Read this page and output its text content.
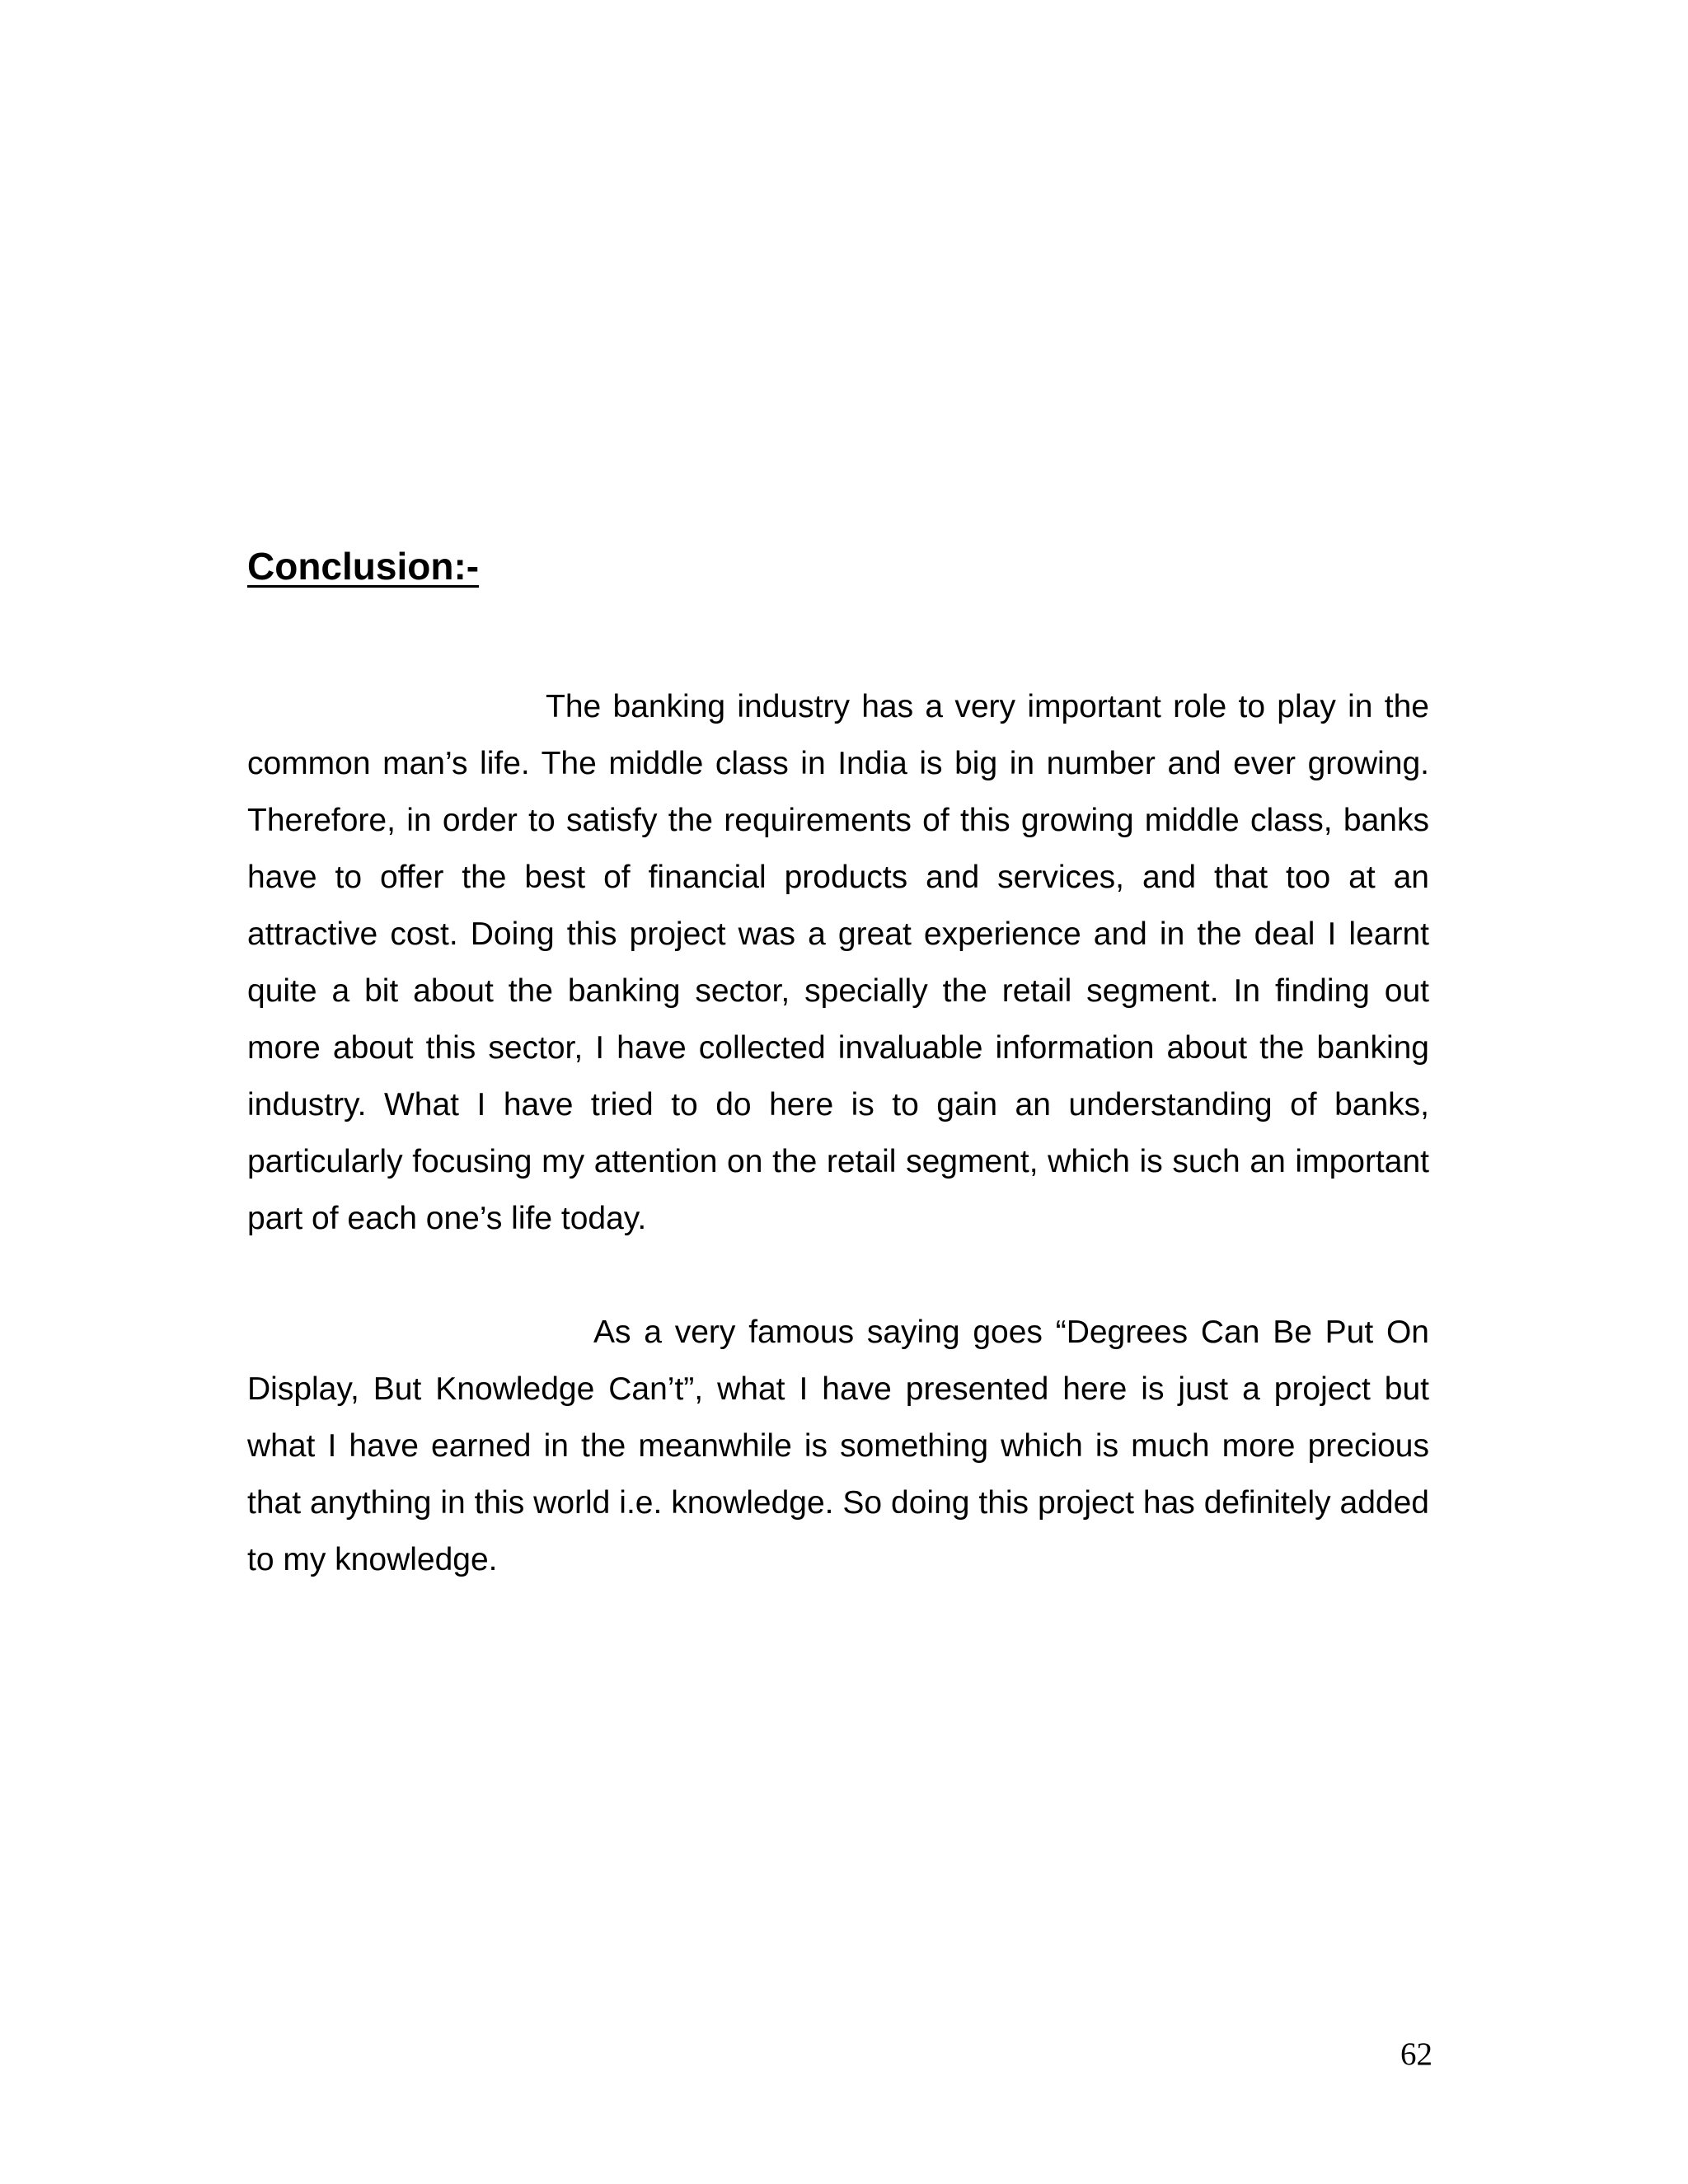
Conclusion:-

The banking industry has a very important role to play in the common man’s life. The middle class in India is big in number and ever growing. Therefore, in order to satisfy the requirements of this growing middle class, banks have to offer the best of financial products and services, and that too at an attractive cost. Doing this project was a great experience and in the deal I learnt quite a bit about the banking sector, specially the retail segment. In finding out more about this sector, I have collected invaluable information about the banking industry. What I have tried to do here is to gain an understanding of banks, particularly focusing my attention on the retail segment, which is such an important part of each one’s life today.

As a very famous saying goes “Degrees Can Be Put On Display, But Knowledge Can’t”, what I have presented here is just a project but what I have earned in the meanwhile is something which is much more precious that anything in this world i.e. knowledge. So doing this project has definitely added to my knowledge.

62
